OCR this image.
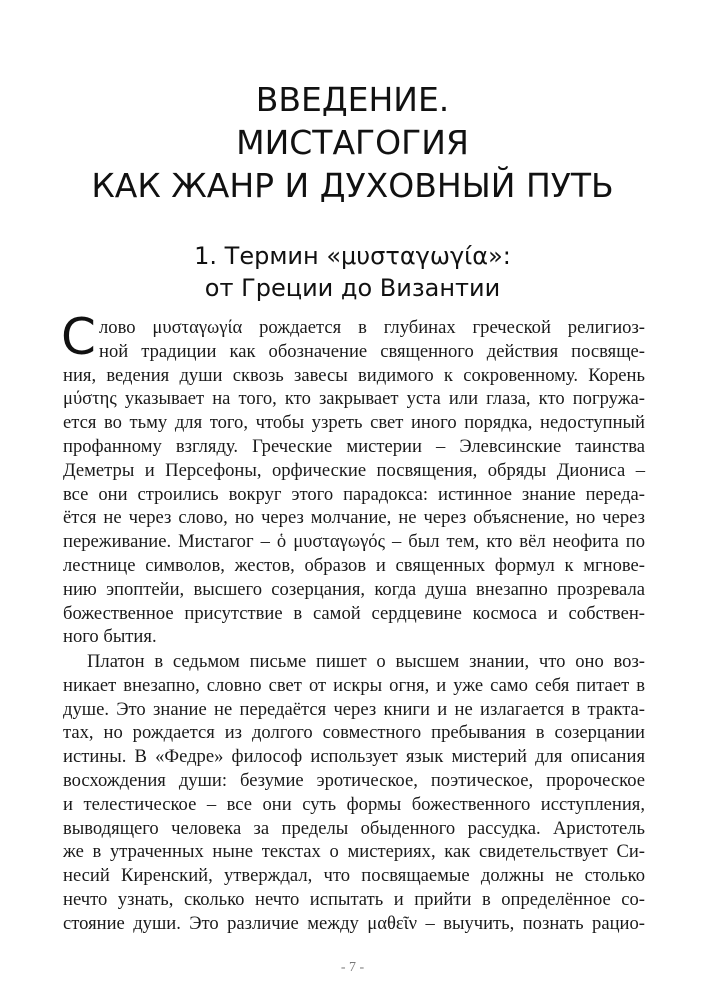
ВВЕДЕНИЕ.
МИСТАГОГИЯ
КАК ЖАНР И ДУХОВНЫЙ ПУТЬ
1. Термин «μυσταγωγία»:
от Греции до Византии
С лово μυσταγωγία рождается в глубинах греческой религиоз-
ной традиции как обозначение священного действия посвяще-
ния, ведения души сквозь завесы видимого к сокровенному. Корень
μύστης указывает на того, кто закрывает уста или глаза, кто погружа-
ется во тьму для того, чтобы узреть свет иного порядка, недоступный
профанному взгляду. Греческие мистерии – Элевсинские таинства
Деметры и Персефоны, орфические посвящения, обряды Диониса –
все они строились вокруг этого парадокса: истинное знание переда-
ётся не через слово, но через молчание, не через объяснение, но через
переживание. Мистагог – ὁ μυσταγωγός – был тем, кто вёл неофита по
лестнице символов, жестов, образов и священных формул к мгнове-
нию эпоптейи, высшего созерцания, когда душа внезапно прозревала
божественное присутствие в самой сердцевине космоса и собствен-
ного бытия.
Платон в седьмом письме пишет о высшем знании, что оно воз-
никает внезапно, словно свет от искры огня, и уже само себя питает в
душе. Это знание не передаётся через книги и не излагается в тракта-
тах, но рождается из долгого совместного пребывания в созерцании
истины. В «Федре» философ использует язык мистерий для описания
восхождения души: безумие эротическое, поэтическое, пророческое
и телестическое – все они суть формы божественного исступления,
выводящего человека за пределы обыденного рассудка. Аристотель
же в утраченных ныне текстах о мистериях, как свидетельствует Си-
несий Киренский, утверждал, что посвящаемые должны не столько
нечто узнать, сколько нечто испытать и прийти в определённое со-
стояние души. Это различие между μαθεῖν – выучить, познать рацио-
- 7 -
